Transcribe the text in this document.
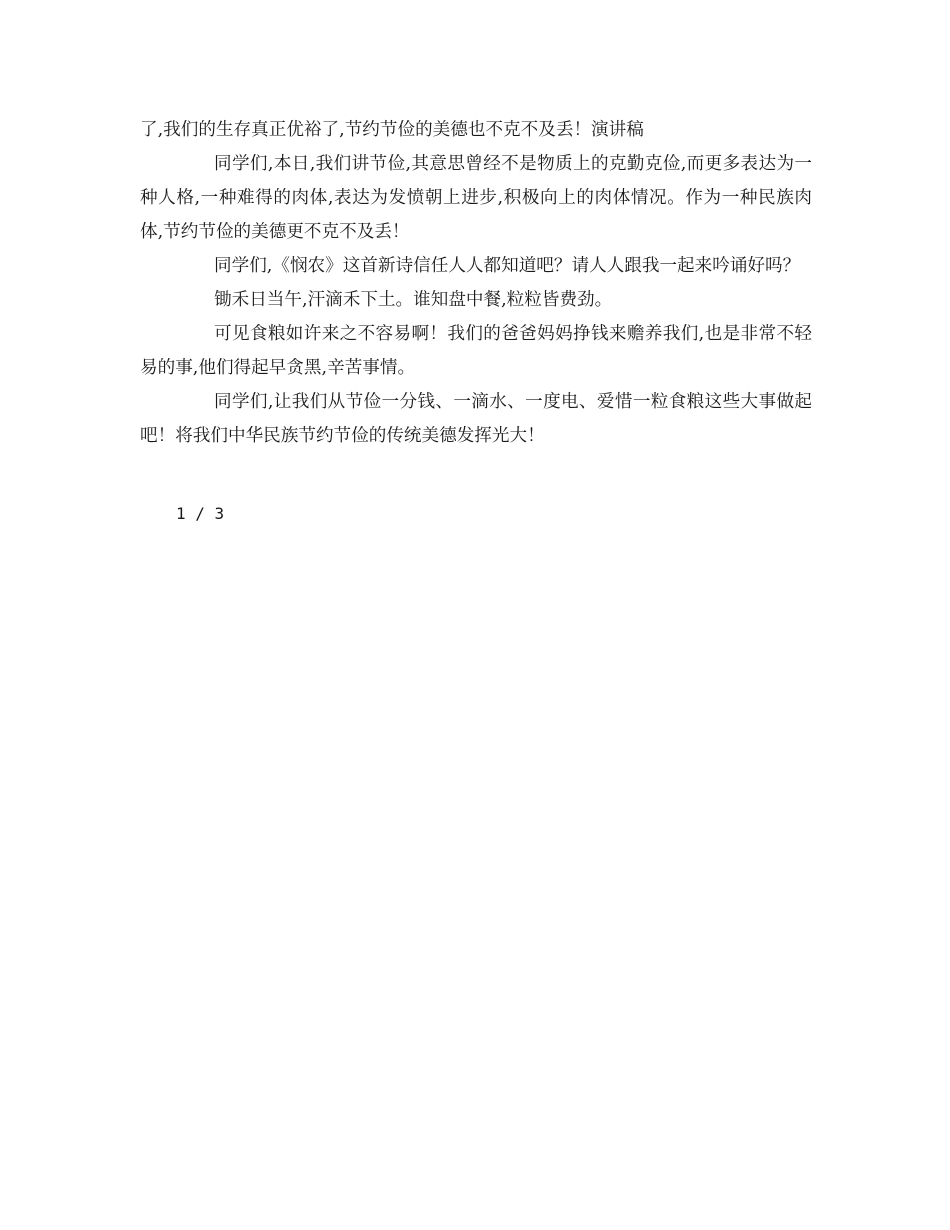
了,我们的生存真正优裕了,节约节俭的美德也不克不及丢！演讲稿

同学们,本日,我们讲节俭,其意思曾经不是物质上的克勤克俭,而更多表达为一种人格,一种难得的肉体,表达为发愤朝上进步,积极向上的肉体情况。作为一种民族肉体,节约节俭的美德更不克不及丢！

同学们,《悯农》这首新诗信任人人都知道吧？请人人跟我一起来吟诵好吗？

锄禾日当午,汗滴禾下土。谁知盘中餐,粒粒皆费劲。

可见食粮如许来之不容易啊！我们的爸爸妈妈挣钱来赡养我们,也是非常不轻易的事,他们得起早贪黑,辛苦事情。

同学们,让我们从节俭一分钱、一滴水、一度电、爱惜一粒食粮这些大事做起吧！将我们中华民族节约节俭的传统美德发挥光大！

1 / 3
